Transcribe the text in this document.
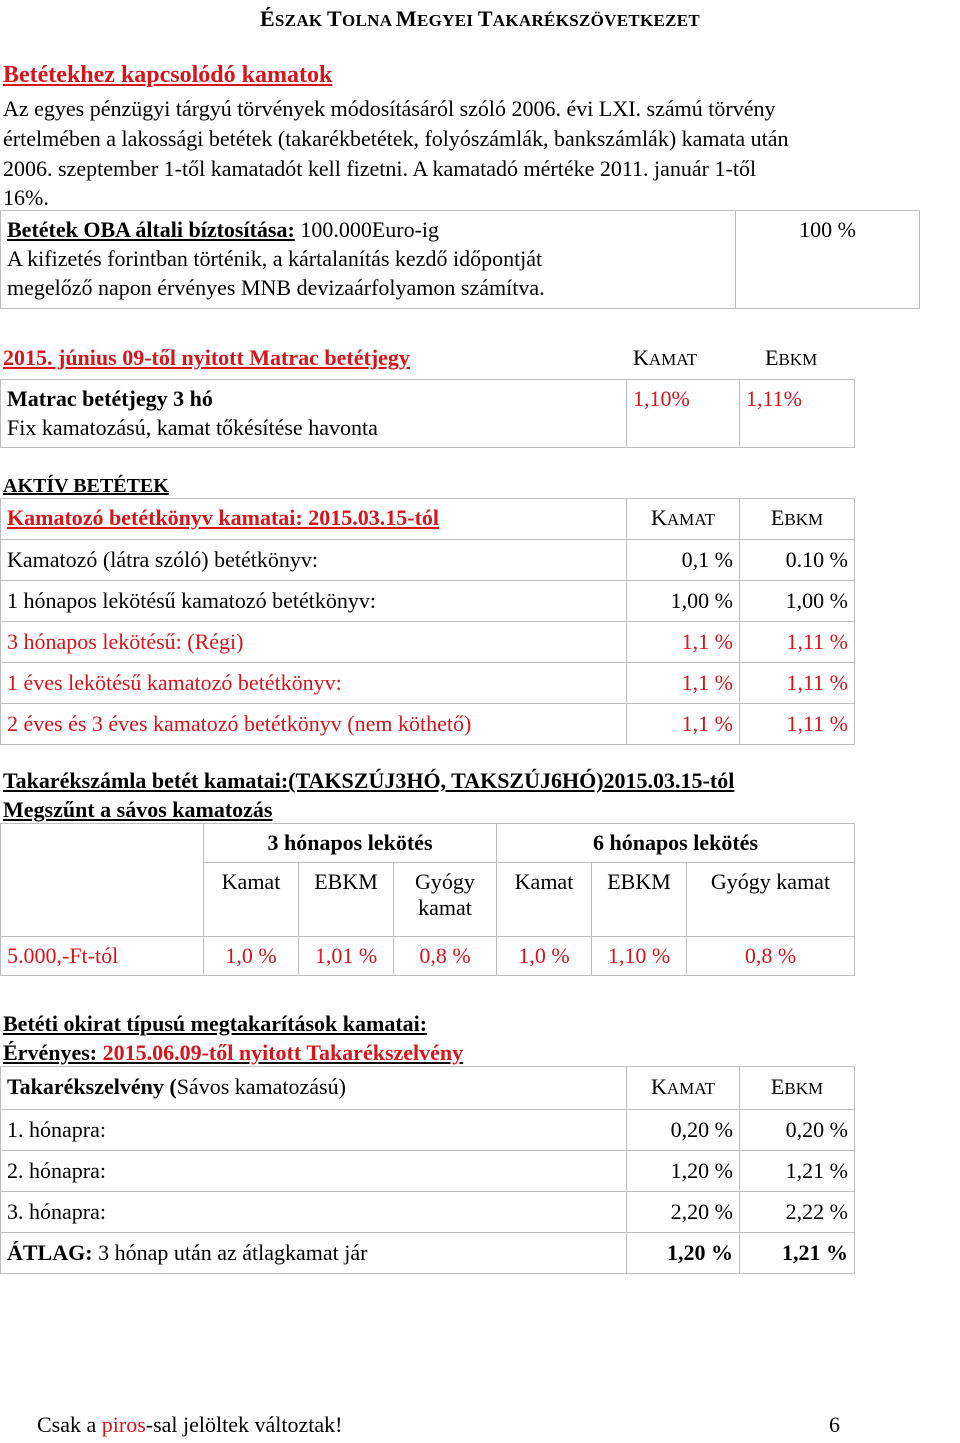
ÉSZAK TOLNA MEGYEI TAKARÉKSZÖVETKEZET
Betétekhez kapcsolódó kamatok
Az egyes pénzügyi tárgyú törvények módosításáról szóló 2006. évi LXI. számú törvény
értelmében a lakossági betétek (takarékbetétek, folyószámlák, bankszámlák) kamata után
2006. szeptember 1-től kamatadót kell fizetni. A kamatadó mértéke 2011. január 1-től
16%.
Betétek OBA általi bíztosítása: 100.000Euro-ig
A kifizetés forintban történik, a kártalanítás kezdő időpontját
megelőző napon érvényes MNB devizaárfolyamon számítva.
	100 %
2015. június 09-től nyitott Matrac betétjegy	KAMAT	EBKM
Matrac betétjegy 3 hó
Fix kamatozású, kamat tőkésítése havonta
	1,10%	1,11%
AKTÍV BETÉTEK
Kamatozó betétkönyv kamatai: 2015.03.15-tól	KAMAT	EBKM
Kamatozó (látra szóló) betétkönyv:	0,1 %	0.10 %
1 hónapos lekötésű kamatozó betétkönyv:	1,00 %	1,00 %
3 hónapos lekötésű: (Régi)	1,1 %	1,11 %
1 éves lekötésű kamatozó betétkönyv:	1,1 %	1,11 %
2 éves és 3 éves kamatozó betétkönyv (nem köthető)	1,1 %	1,11 %
Takarékszámla betét kamatai:(TAKSZÚJ3HÓ, TAKSZÚJ6HÓ)2015.03.15-tól
Megszűnt a sávos kamatozás
	3 hónapos lekötés			6 hónapos lekötés		
	Kamat	EBKM	Gyógy kamat	Kamat	EBKM	Gyógy kamat
5.000,-Ft-tól	1,0 %	1,01 %	0,8 %	1,0 %	1,10 %	0,8 %
Betéti okirat típusú megtakarítások kamatai:
Érvényes: 2015.06.09-től nyitott Takarékszelvény
Takarékszelvény (Sávos kamatozású)	KAMAT	EBKM
1. hónapra:	0,20 %	0,20 %
2. hónapra:	1,20 %	1,21 %
3. hónapra:	2,20 %	2,22 %
ÁTLAG: 3 hónap után az átlagkamat jár	1,20 %	1,21 %
Csak a piros-sal jelöltek változtak!	6
